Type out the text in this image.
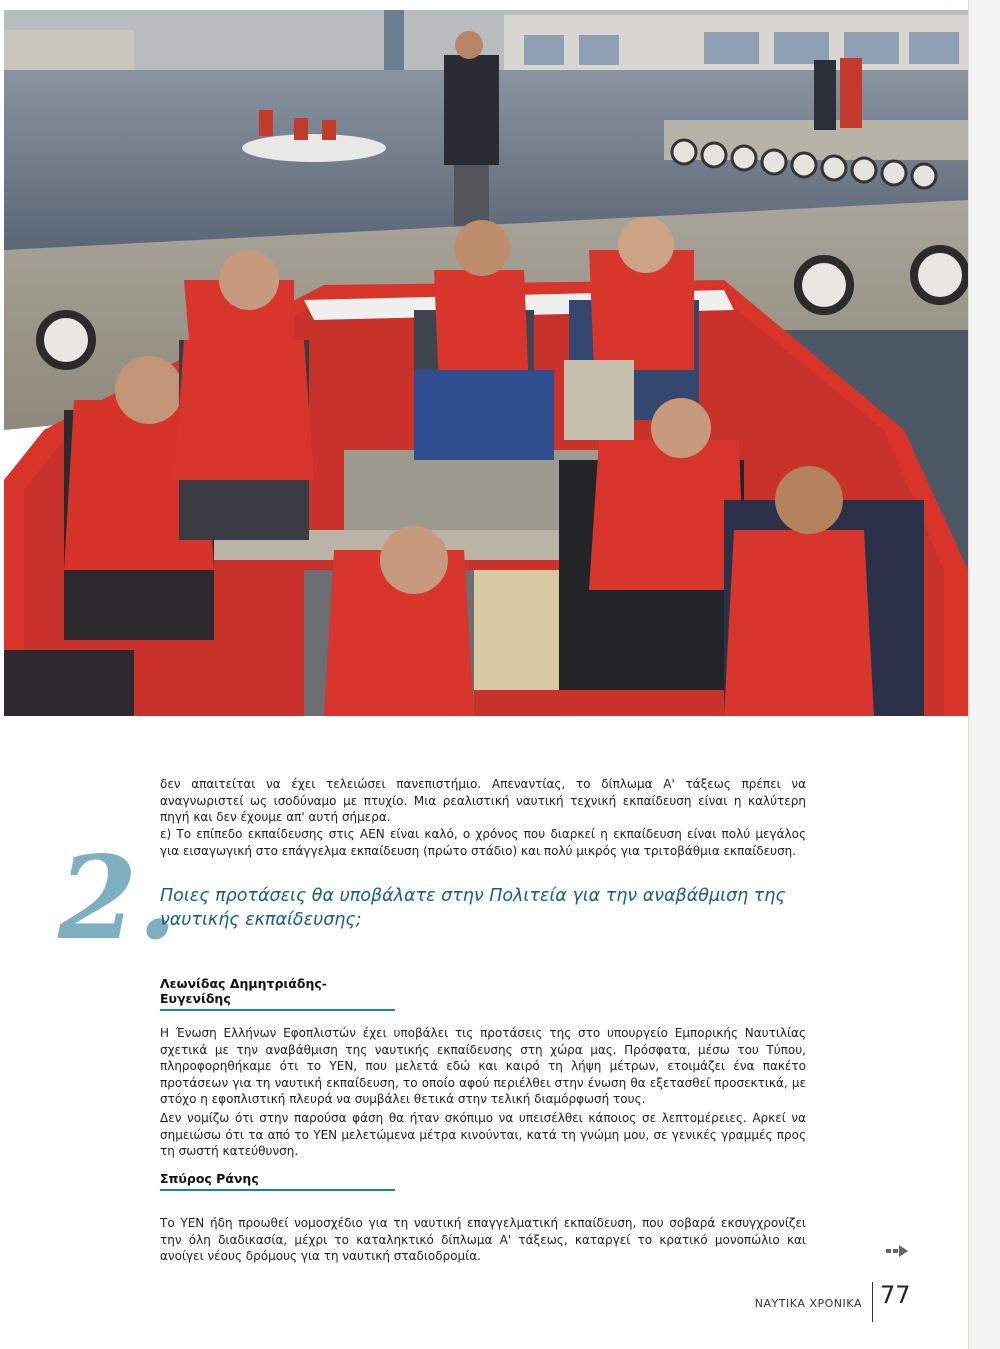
δεν απαιτείται να έχει τελειώσει πανεπιστήμιο. Απεναντίας, το δίπλωμα Α' τάξεως πρέπει να αναγνωριστεί ως ισοδύναμο με πτυχίο. Μια ρεαλιστική ναυτική τεχνική εκπαίδευση είναι η καλύτερη πηγή και δεν έχουμε απ' αυτή σήμερα.

ε) Το επίπεδο εκπαίδευσης στις ΑΕΝ είναι καλό, ο χρόνος που διαρκεί η εκπαίδευση είναι πολύ μεγάλος για εισαγωγική στο επάγγελμα εκπαίδευση (πρώτο στάδιο) και πολύ μικρός για τριτοβάθμια εκπαίδευση.

2.
Ποιες προτάσεις θα υποβάλατε στην Πολιτεία για την αναβάθμιση της ναυτικής εκπαίδευσης;
Λεωνίδας Δημητριάδης-Ευγενίδης

Η Ένωση Ελλήνων Εφοπλιστών έχει υποβάλει τις προτάσεις της στο υπουργείο Εμπορικής Ναυτιλίας σχετικά με την αναβάθμιση της ναυτικής εκπαίδευσης στη χώρα μας. Πρόσφατα, μέσω του Τύπου, πληροφορηθήκαμε ότι το ΥΕΝ, που μελετά εδώ και καιρό τη λήψη μέτρων, ετοιμάζει ένα πακέτο προτάσεων για τη ναυτική εκπαίδευση, το οποίο αφού περιέλθει στην ένωση θα εξετασθεί προσεκτικά, με στόχο η εφοπλιστική πλευρά να συμβάλει θετικά στην τελική διαμόρφωσή τους.

Δεν νομίζω ότι στην παρούσα φάση θα ήταν σκόπιμο να υπεισέλθει κάποιος σε λεπτομέρειες. Αρκεί να σημειώσω ότι τα από το ΥΕΝ μελετώμενα μέτρα κινούνται, κατά τη γνώμη μου, σε γενικές γραμμές προς τη σωστή κατεύθυνση.

Σπύρος Ράνης

Το ΥΕΝ ήδη προωθεί νομοσχέδιο για τη ναυτική επαγγελματική εκπαίδευση, που σοβαρά εκσυγχρονίζει την όλη διαδικασία, μέχρι το καταληκτικό δίπλωμα Α' τάξεως, καταργεί το κρατικό μονοπώλιο και ανοίγει νέους δρόμους για τη ναυτική σταδιοδρομία.

ΝΑΥΤΙΚΑ ΧΡΟΝΙΚΑ 77
